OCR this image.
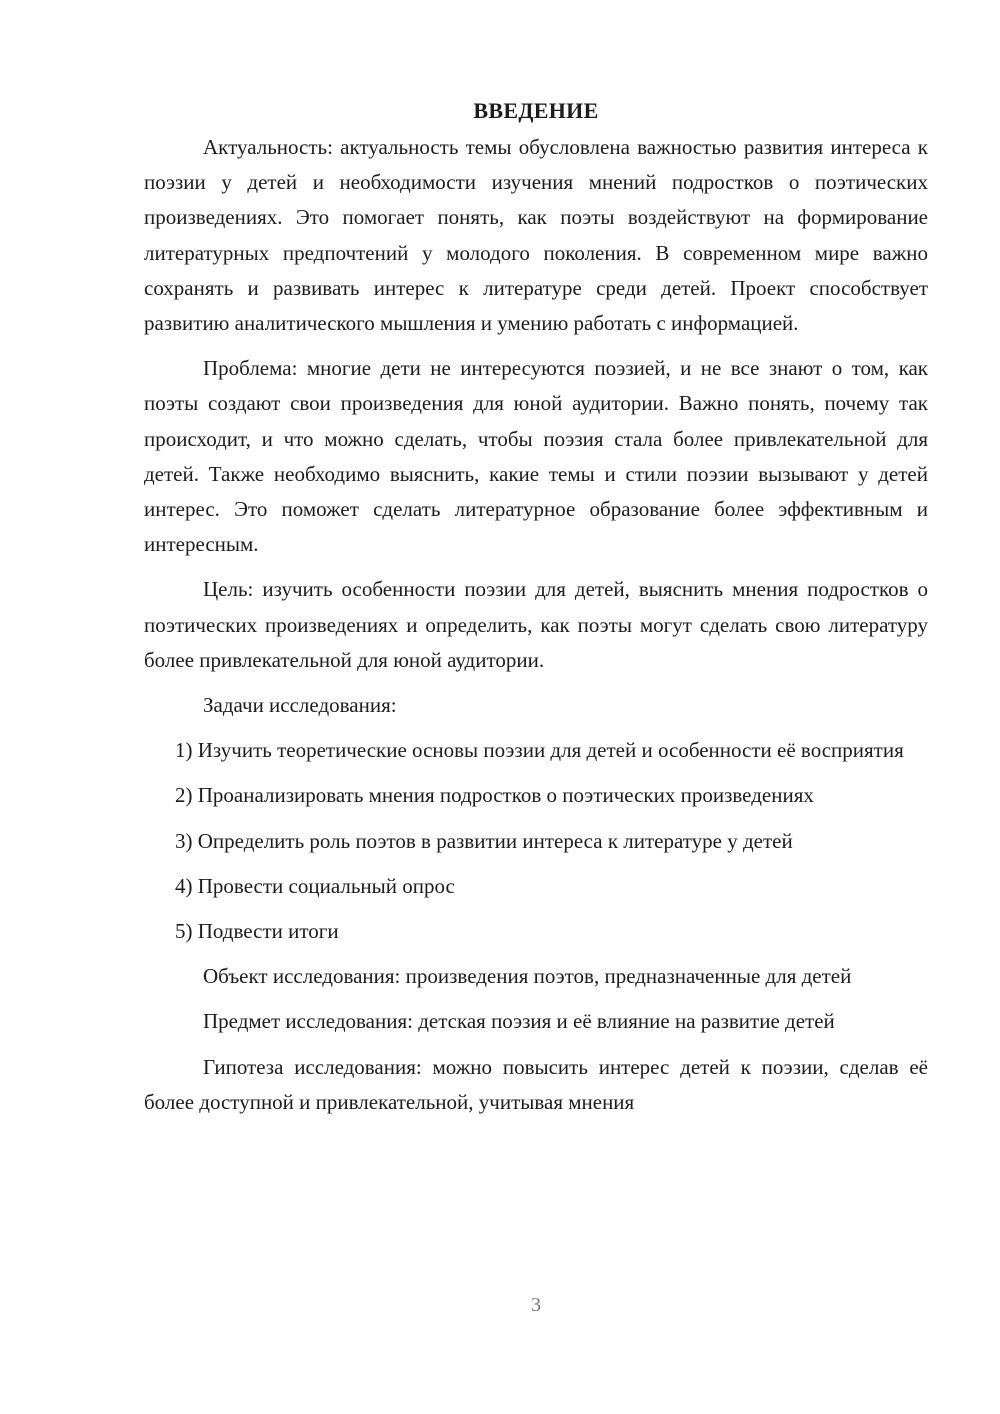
ВВЕДЕНИЕ

Актуальность: актуальность темы обусловлена важностью развития интереса к поэзии у детей и необходимости изучения мнений подростков о поэтических произведениях. Это помогает понять, как поэты воздействуют на формирование литературных предпочтений у молодого поколения. В современном мире важно сохранять и развивать интерес к литературе среди детей. Проект способствует развитию аналитического мышления и умению работать с информацией.

Проблема: многие дети не интересуются поэзией, и не все знают о том, как поэты создают свои произведения для юной аудитории. Важно понять, почему так происходит, и что можно сделать, чтобы поэзия стала более привлекательной для детей. Также необходимо выяснить, какие темы и стили поэзии вызывают у детей интерес. Это поможет сделать литературное образование более эффективным и интересным.

Цель: изучить особенности поэзии для детей, выяснить мнения подростков о поэтических произведениях и определить, как поэты могут сделать свою литературу более привлекательной для юной аудитории.

Задачи исследования:

1) Изучить теоретические основы поэзии для детей и особенности её восприятия

2) Проанализировать мнения подростков о поэтических произведениях

3) Определить роль поэтов в развитии интереса к литературе у детей

4) Провести социальный опрос

5) Подвести итоги

Объект исследования: произведения поэтов, предназначенные для детей

Предмет исследования: детская поэзия и её влияние на развитие детей

Гипотеза исследования: можно повысить интерес детей к поэзии, сделав её более доступной и привлекательной, учитывая мнения

3
